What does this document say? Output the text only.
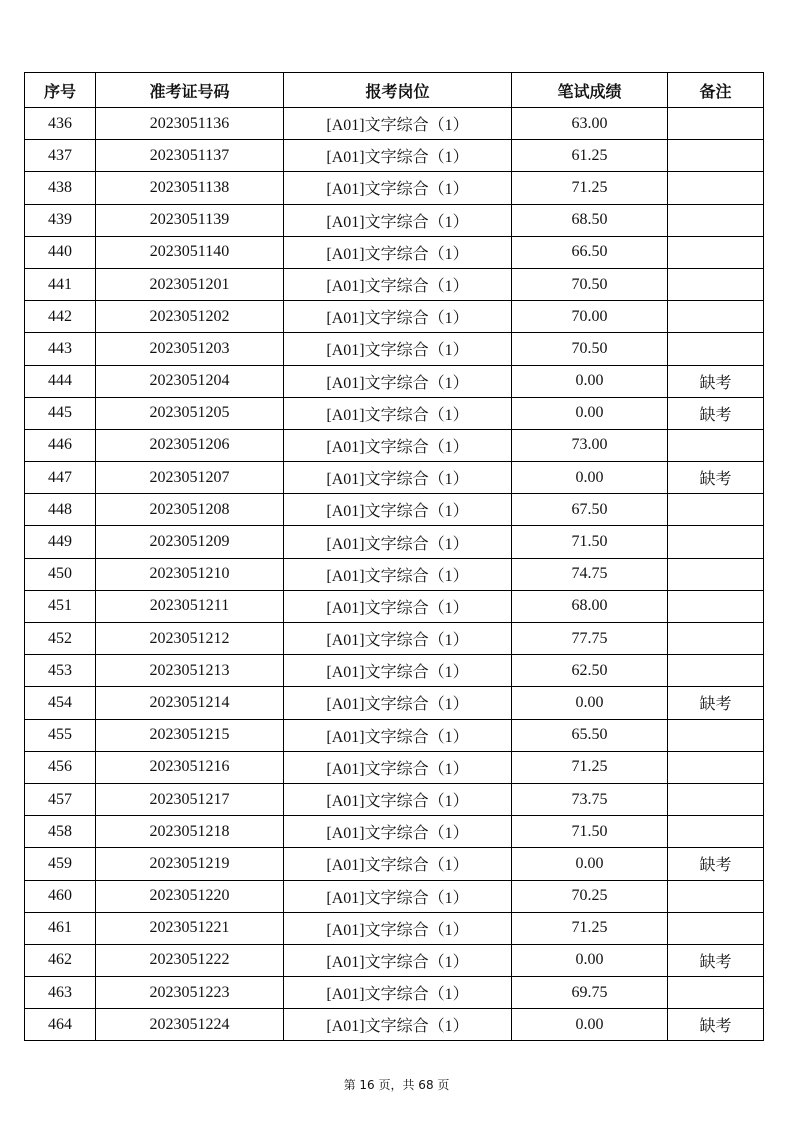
序号	准考证号码	报考岗位	笔试成绩	备注
436	2023051136	[A01]文字综合（1）	63.00	
437	2023051137	[A01]文字综合（1）	61.25	
438	2023051138	[A01]文字综合（1）	71.25	
439	2023051139	[A01]文字综合（1）	68.50	
440	2023051140	[A01]文字综合（1）	66.50	
441	2023051201	[A01]文字综合（1）	70.50	
442	2023051202	[A01]文字综合（1）	70.00	
443	2023051203	[A01]文字综合（1）	70.50	
444	2023051204	[A01]文字综合（1）	0.00	缺考
445	2023051205	[A01]文字综合（1）	0.00	缺考
446	2023051206	[A01]文字综合（1）	73.00	
447	2023051207	[A01]文字综合（1）	0.00	缺考
448	2023051208	[A01]文字综合（1）	67.50	
449	2023051209	[A01]文字综合（1）	71.50	
450	2023051210	[A01]文字综合（1）	74.75	
451	2023051211	[A01]文字综合（1）	68.00	
452	2023051212	[A01]文字综合（1）	77.75	
453	2023051213	[A01]文字综合（1）	62.50	
454	2023051214	[A01]文字综合（1）	0.00	缺考
455	2023051215	[A01]文字综合（1）	65.50	
456	2023051216	[A01]文字综合（1）	71.25	
457	2023051217	[A01]文字综合（1）	73.75	
458	2023051218	[A01]文字综合（1）	71.50	
459	2023051219	[A01]文字综合（1）	0.00	缺考
460	2023051220	[A01]文字综合（1）	70.25	
461	2023051221	[A01]文字综合（1）	71.25	
462	2023051222	[A01]文字综合（1）	0.00	缺考
463	2023051223	[A01]文字综合（1）	69.75	
464	2023051224	[A01]文字综合（1）	0.00	缺考
第 16 页，共 68 页
